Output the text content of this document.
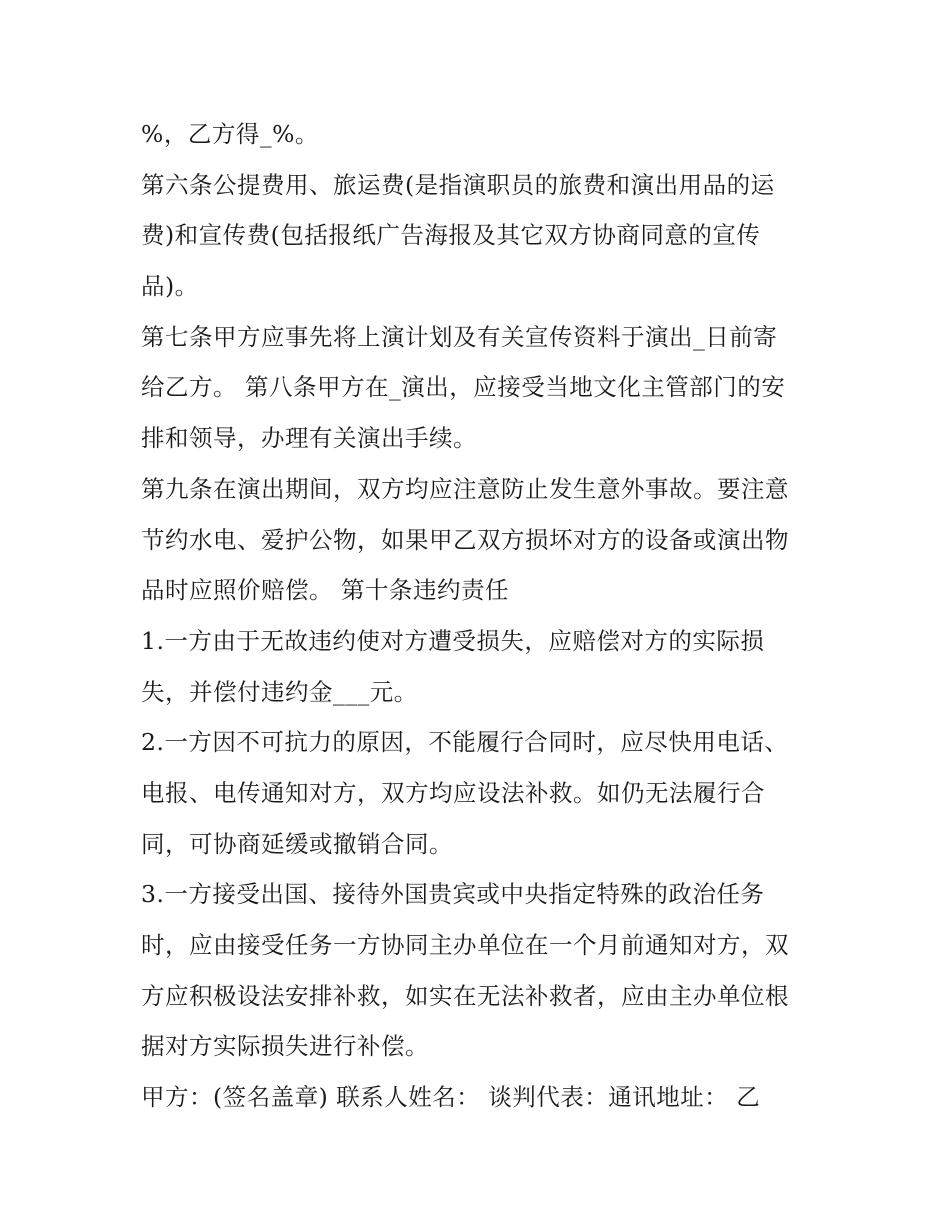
%，乙方得_%。
第六条公提费用、旅运费(是指演职员的旅费和演出用品的运
费)和宣传费(包括报纸广告海报及其它双方协商同意的宣传
品)。
第七条甲方应事先将上演计划及有关宣传资料于演出_日前寄
给乙方。 第八条甲方在_演出，应接受当地文化主管部门的安
排和领导，办理有关演出手续。
第九条在演出期间，双方均应注意防止发生意外事故。要注意
节约水电、爱护公物，如果甲乙双方损坏对方的设备或演出物
品时应照价赔偿。 第十条违约责任
1.一方由于无故违约使对方遭受损失，应赔偿对方的实际损
失，并偿付违约金___元。
2.一方因不可抗力的原因，不能履行合同时，应尽快用电话、
电报、电传通知对方，双方均应设法补救。如仍无法履行合
同，可协商延缓或撤销合同。
3.一方接受出国、接待外国贵宾或中央指定特殊的政治任务
时，应由接受任务一方协同主办单位在一个月前通知对方，双
方应积极设法安排补救，如实在无法补救者，应由主办单位根
据对方实际损失进行补偿。
甲方：(签名盖章) 联系人姓名： 谈判代表：通讯地址： 乙
